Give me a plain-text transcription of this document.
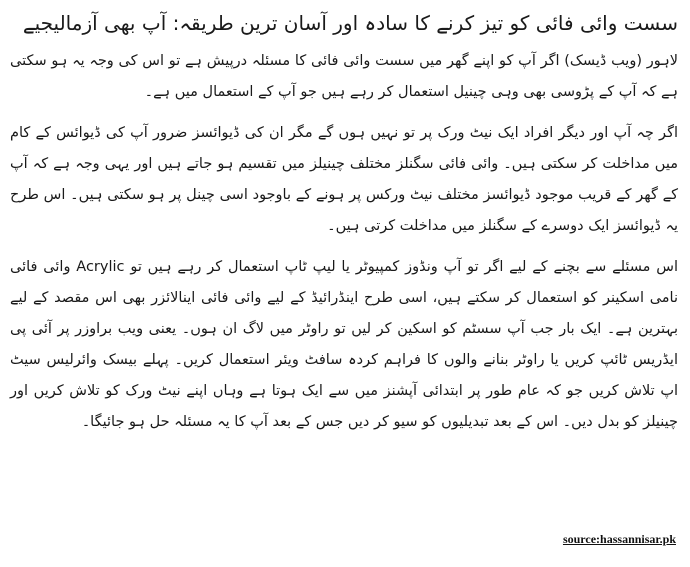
سست وائی فائی کو تیز کرنے کا سادہ اور آسان ترین طریقہ: آپ بھی آزمالیجیے

لاہور (ویب ڈیسک) اگر آپ کو اپنے گھر میں سست وائی فائی کا مسئلہ درپیش ہے تو اس کی وجہ یہ ہو سکتی ہے کہ آپ کے پڑوسی بھی وہی چینیل استعمال کر رہے ہیں جو آپ کے استعمال میں ہے۔

اگر چہ آپ اور دیگر افراد ایک نیٹ ورک پر تو نہیں ہوں گے مگر ان کی ڈیوائسز ضرور آپ کی ڈیوائس کے کام میں مداخلت کر سکتی ہیں۔ وائی فائی سگنلز مختلف چینیلز میں تقسیم ہو جاتے ہیں اور یہی وجہ ہے کہ آپ کے گھر کے قریب موجود ڈیوائسز مختلف نیٹ ورکس پر ہونے کے باوجود اسی چینل پر ہو سکتی ہیں۔ اس طرح یہ ڈیوائسز ایک دوسرے کے سگنلز میں مداخلت کرتی ہیں۔

اس مسئلے سے بچنے کے لیے اگر تو آپ ونڈوز کمپیوٹر یا لیپ ٹاپ استعمال کر رہے ہیں تو Acrylic وائی فائی نامی اسکینر کو استعمال کر سکتے ہیں، اسی طرح اینڈرائیڈ کے لیے وائی فائی اینالائزر بھی اس مقصد کے لیے بہترین ہے۔ ایک بار جب آپ سسٹم کو اسکین کر لیں تو راوٹر میں لاگ ان ہوں۔ یعنی ویب براوزر پر آئی پی ایڈریس ٹائپ کریں یا راوٹر بنانے والوں کا فراہم کردہ سافٹ ویئر استعمال کریں۔ پہلے بیسک وائرلیس سیٹ اپ تلاش کریں جو کہ عام طور پر ابتدائی آپشنز میں سے ایک ہوتا ہے وہاں اپنے نیٹ ورک کو تلاش کریں اور چینیلز کو بدل دیں۔ اس کے بعد تبدیلیوں کو سیو کر دیں جس کے بعد آپ کا یہ مسئلہ حل ہو جائیگا۔

source:hassannisar.pk
